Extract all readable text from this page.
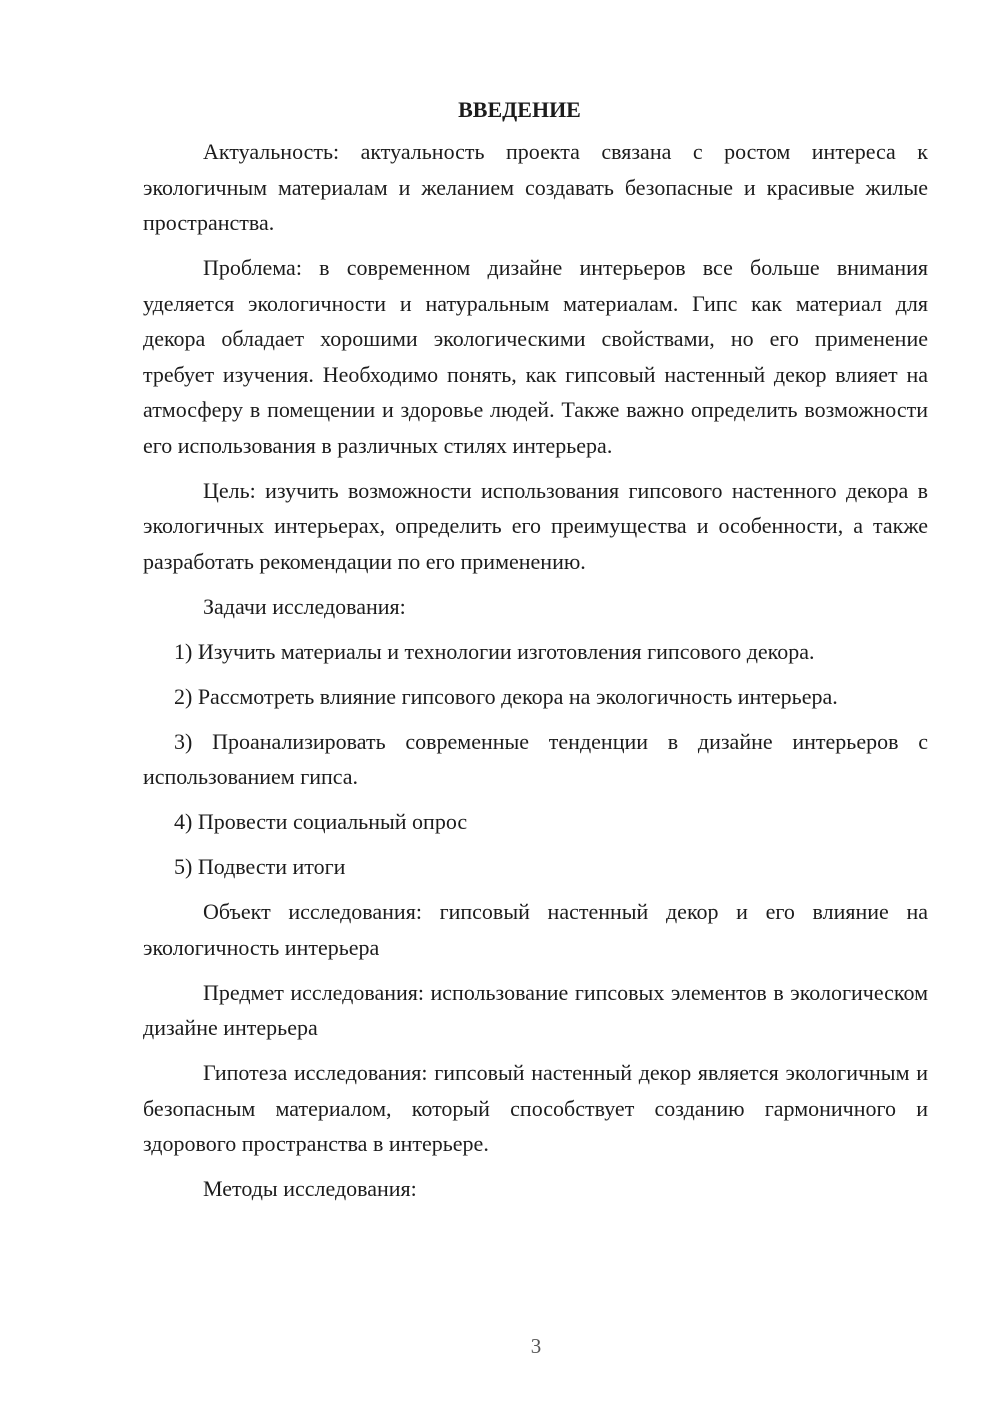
ВВЕДЕНИЕ

Актуальность: актуальность проекта связана с ростом интереса к экологичным материалам и желанием создавать безопасные и красивые жилые пространства.

Проблема: в современном дизайне интерьеров все больше внимания уделяется экологичности и натуральным материалам. Гипс как материал для декора обладает хорошими экологическими свойствами, но его применение требует изучения. Необходимо понять, как гипсовый настенный декор влияет на атмосферу в помещении и здоровье людей. Также важно определить возможности его использования в различных стилях интерьера.

Цель: изучить возможности использования гипсового настенного декора в экологичных интерьерах, определить его преимущества и особенности, а также разработать рекомендации по его применению.

Задачи исследования:

1) Изучить материалы и технологии изготовления гипсового декора.

2) Рассмотреть влияние гипсового декора на экологичность интерьера.

3) Проанализировать современные тенденции в дизайне интерьеров с использованием гипса.

4) Провести социальный опрос

5) Подвести итоги

Объект исследования: гипсовый настенный декор и его влияние на экологичность интерьера

Предмет исследования: использование гипсовых элементов в экологическом дизайне интерьера

Гипотеза исследования: гипсовый настенный декор является экологичным и безопасным материалом, который способствует созданию гармоничного и здорового пространства в интерьере.

Методы исследования:

3
